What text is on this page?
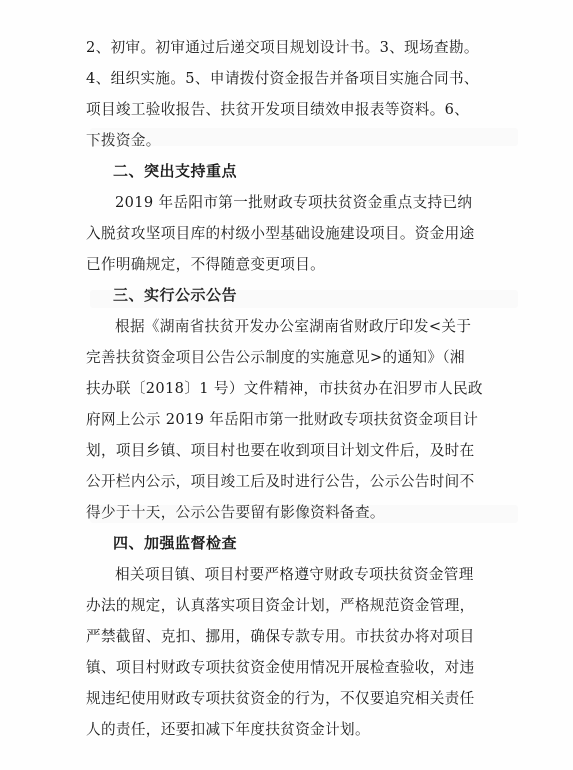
2、初审。初审通过后递交项目规划设计书。3、现场查勘。
4、组织实施。5、申请拨付资金报告并备项目实施合同书、
项目竣工验收报告、扶贫开发项目绩效申报表等资料。6、
下拨资金。
二、突出支持重点
2019 年岳阳市第一批财政专项扶贫资金重点支持已纳
入脱贫攻坚项目库的村级小型基础设施建设项目。资金用途
已作明确规定，不得随意变更项目。
三、实行公示公告
根据《湖南省扶贫开发办公室湖南省财政厅印发<关于
完善扶贫资金项目公告公示制度的实施意见>的通知》（湘
扶办联〔2018〕1 号）文件精神，市扶贫办在汨罗市人民政
府网上公示 2019 年岳阳市第一批财政专项扶贫资金项目计
划，项目乡镇、项目村也要在收到项目计划文件后，及时在
公开栏内公示，项目竣工后及时进行公告，公示公告时间不
得少于十天，公示公告要留有影像资料备查。
四、加强监督检查
相关项目镇、项目村要严格遵守财政专项扶贫资金管理
办法的规定，认真落实项目资金计划，严格规范资金管理，
严禁截留、克扣、挪用，确保专款专用。市扶贫办将对项目
镇、项目村财政专项扶贫资金使用情况开展检查验收，对违
规违纪使用财政专项扶贫资金的行为，不仅要追究相关责任
人的责任，还要扣减下年度扶贫资金计划。
